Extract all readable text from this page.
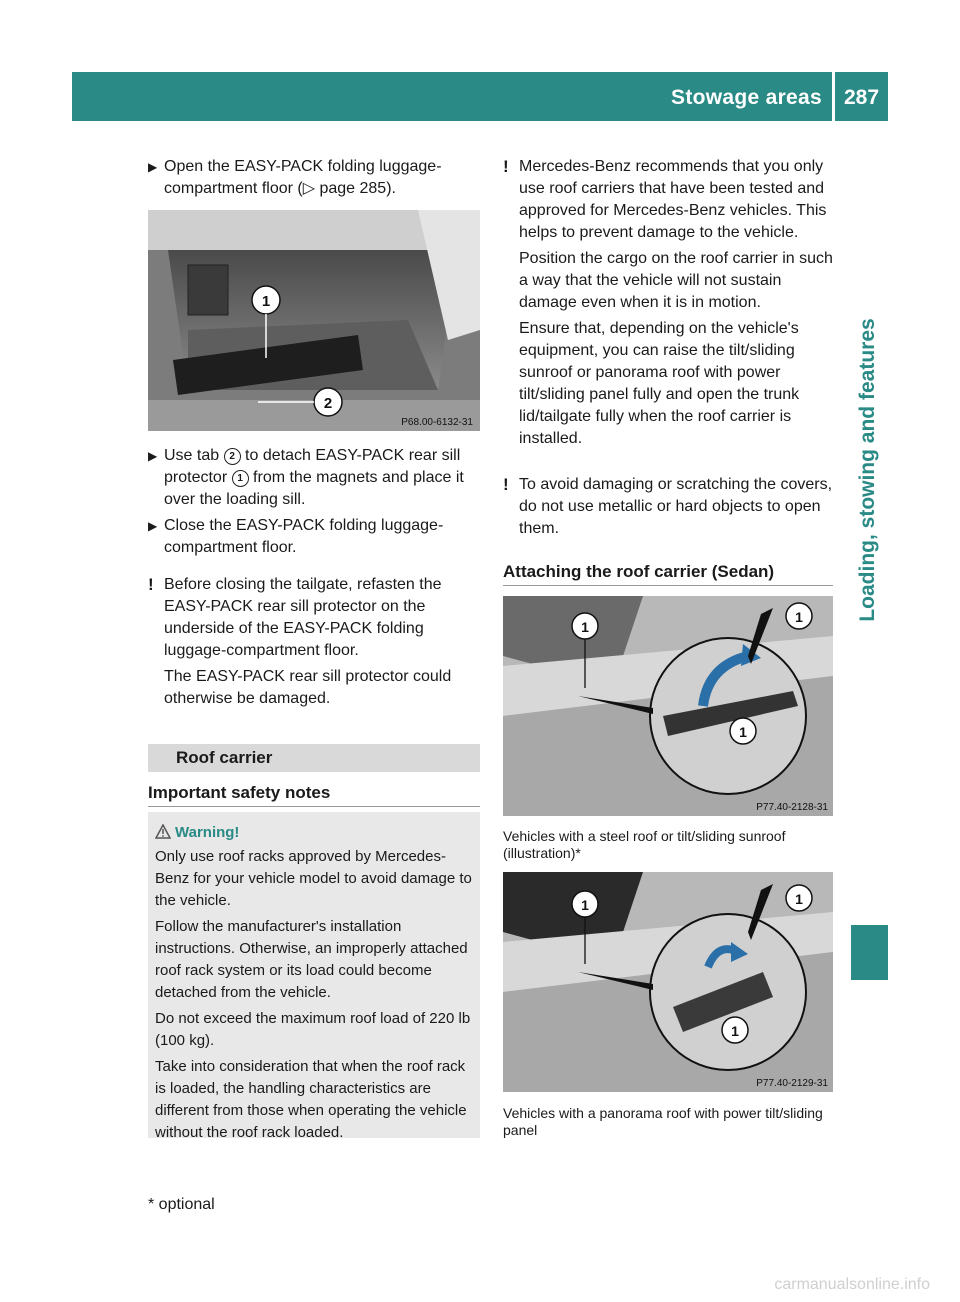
Stowage areas	287
Loading, stowing and features
▶ Open the EASY-PACK folding luggage-compartment floor (▷ page 285).
1
2
P68.00-6132-31
▶ Use tab 2 to detach EASY-PACK rear sill protector 1 from the magnets and place it over the loading sill.
▶ Close the EASY-PACK folding luggage-compartment floor.
! Before closing the tailgate, refasten the EASY-PACK rear sill protector on the underside of the EASY-PACK folding luggage-compartment floor.
The EASY-PACK rear sill protector could otherwise be damaged.
Roof carrier
Important safety notes
Warning!
Only use roof racks approved by Mercedes-Benz for your vehicle model to avoid damage to the vehicle.
Follow the manufacturer's installation instructions. Otherwise, an improperly attached roof rack system or its load could become detached from the vehicle.
Do not exceed the maximum roof load of 220 lb (100 kg).
Take into consideration that when the roof rack is loaded, the handling characteristics are different from those when operating the vehicle without the roof rack loaded.
! Mercedes-Benz recommends that you only use roof carriers that have been tested and approved for Mercedes-Benz vehicles. This helps to prevent damage to the vehicle.
Position the cargo on the roof carrier in such a way that the vehicle will not sustain damage even when it is in motion.
Ensure that, depending on the vehicle's equipment, you can raise the tilt/sliding sunroof or panorama roof with power tilt/sliding panel fully and open the trunk lid/tailgate fully when the roof carrier is installed.
! To avoid damaging or scratching the covers, do not use metallic or hard objects to open them.
Attaching the roof carrier (Sedan)
1
1
1
P77.40-2128-31
Vehicles with a steel roof or tilt/sliding sunroof (illustration)*
1	1
1
P77.40-2129-31
Vehicles with a panorama roof with power tilt/sliding panel
* optional
carmanualsonline.info
